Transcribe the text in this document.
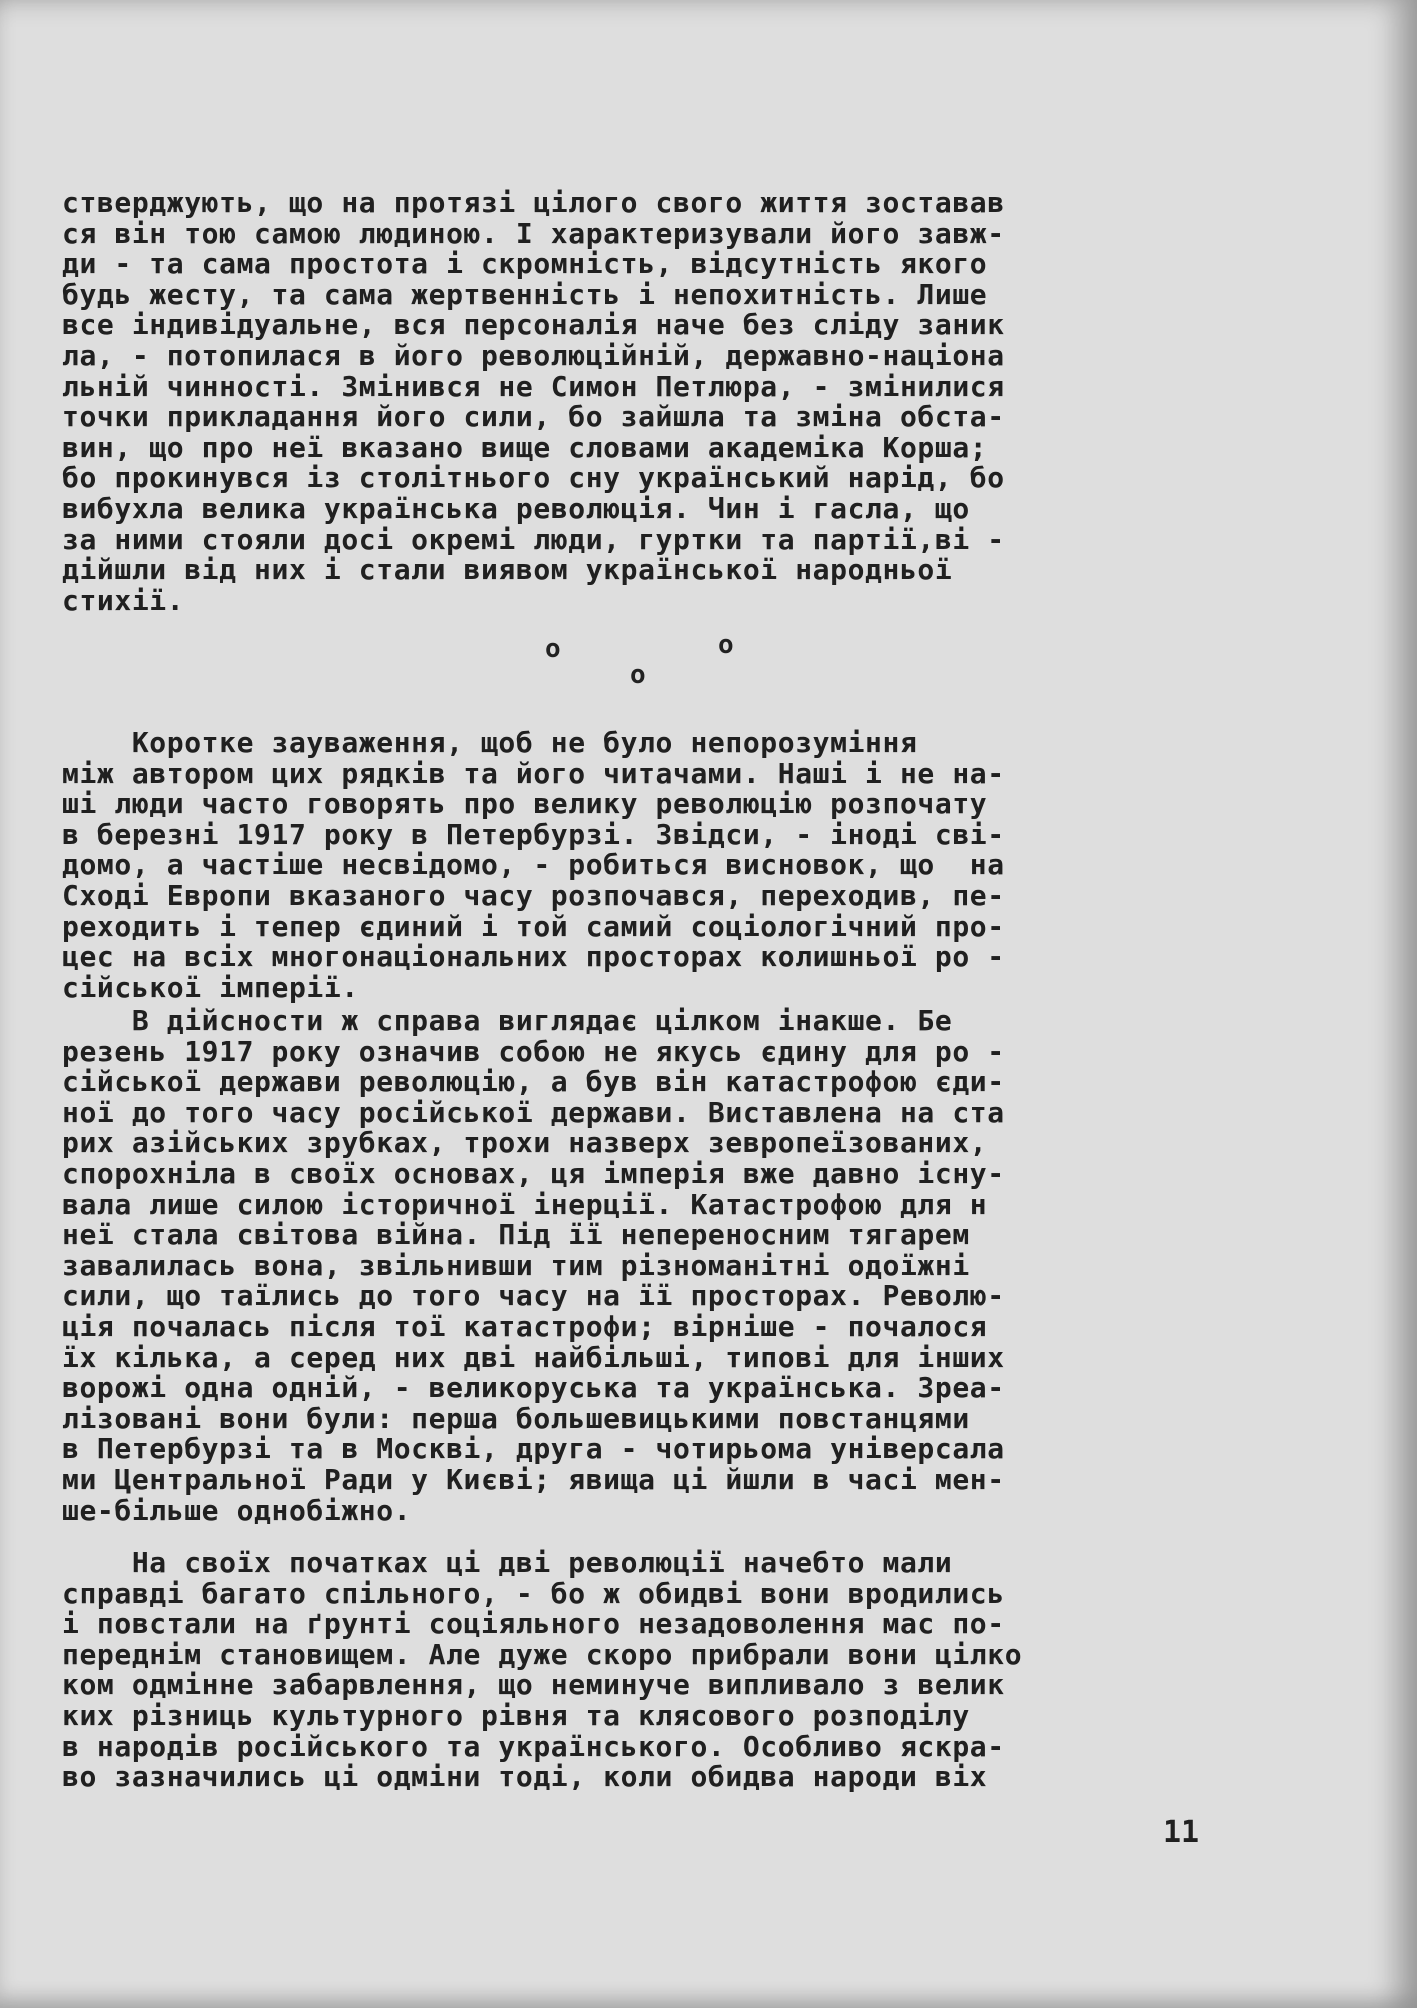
стверджують, що на протязі цілого свого життя зоставав
ся він тою самою людиною. І характеризували його завж-
ди - та сама простота і скромність, відсутність якого
будь жесту, та сама жертвенність і непохитність. Лише
все індивідуальне, вся персоналія наче без сліду заник
ла, - потопилася в його революційній, державно-націона
льній чинності. Змінився не Симон Петлюра, - змінилися
точки прикладання його сили, бо зайшла та зміна обста-
вин, що про неї вказано вище словами академіка Корша;
бо прокинувся із столітнього сну український нарід, бо
вибухла велика українська революція. Чин і гасла, що
за ними стояли досі окремі люди, гуртки та партії,ві -
дійшли від них і стали виявом української народньої
стихії.
о	о
о
Коротке зауваження, щоб не було непорозуміння
між автором цих рядків та його читачами. Наші і не на-
ші люди часто говорять про велику революцію розпочату
в березні 1917 року в Петербурзі. Звідси, - іноді сві-
домо, а частіше несвідомо, - робиться висновок, що  на
Сході Европи вказаного часу розпочався, переходив, пе-
реходить і тепер єдиний і той самий соціологічний про-
цес на всіх многонаціональних просторах колишньої ро -
сійської імперії.
В дійсности ж справа виглядає цілком інакше. Бе
резень 1917 року означив собою не якусь єдину для ро -
сійської держави революцію, а був він катастрофою єди-
ної до того часу російської держави. Виставлена на ста
рих азійських зрубках, трохи назверх зевропеїзованих,
спорохніла в своїх основах, ця імперія вже давно існу-
вала лише силою історичної інерції. Катастрофою для н
неї стала світова війна. Під її непереносним тягарем
завалилась вона, звільнивши тим різноманітні одоїжні
сили, що таїлись до того часу на її просторах. Револю-
ція почалась після тої катастрофи; вірніше - почалося
їх кілька, а серед них дві найбільші, типові для інших
ворожі одна одній, - великоруська та українська. Зреа-
лізовані вони були: перша большевицькими повстанцями
в Петербурзі та в Москві, друга - чотирьома універсала
ми Центральної Ради у Києві; явища ці йшли в часі мен-
ше-більше однобіжно.
На своїх початках ці дві революції начебто мали
справді багато спільного, - бо ж обидві вони вродились
і повстали на ґрунті соціяльного незадоволення мас по-
переднім становищем. Але дуже скоро прибрали вони цілко
ком одмінне забарвлення, що неминуче випливало з велик
ких різниць культурного рівня та клясового розподілу
в народів російського та українського. Особливо яскра-
во зазначились ці одміни тоді, коли обидва народи віх
11
